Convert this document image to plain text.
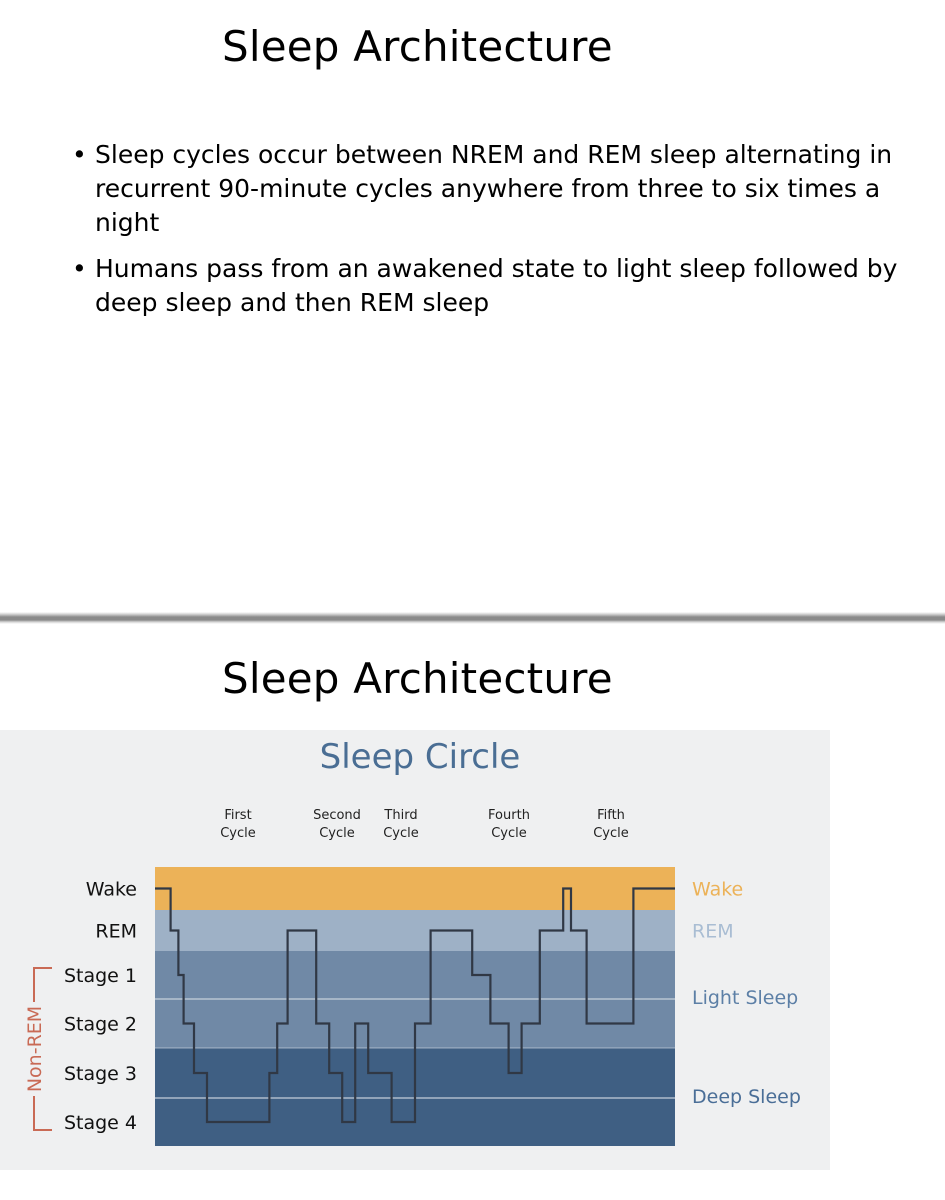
Sleep Architecture
• Sleep cycles occur between NREM and REM sleep alternating in recurrent 90-minute cycles anywhere from three to six times a night
• Humans pass from an awakened state to light sleep followed by deep sleep and then REM sleep
Sleep Architecture
Sleep Circle
First
Cycle
Second
Cycle
Third
Cycle
Fourth
Cycle
Fifth
Cycle
Wake
REM
Stage 1
Stage 2
Stage 3
Stage 4
Non-REM
Wake
REM
Light Sleep
Deep Sleep
